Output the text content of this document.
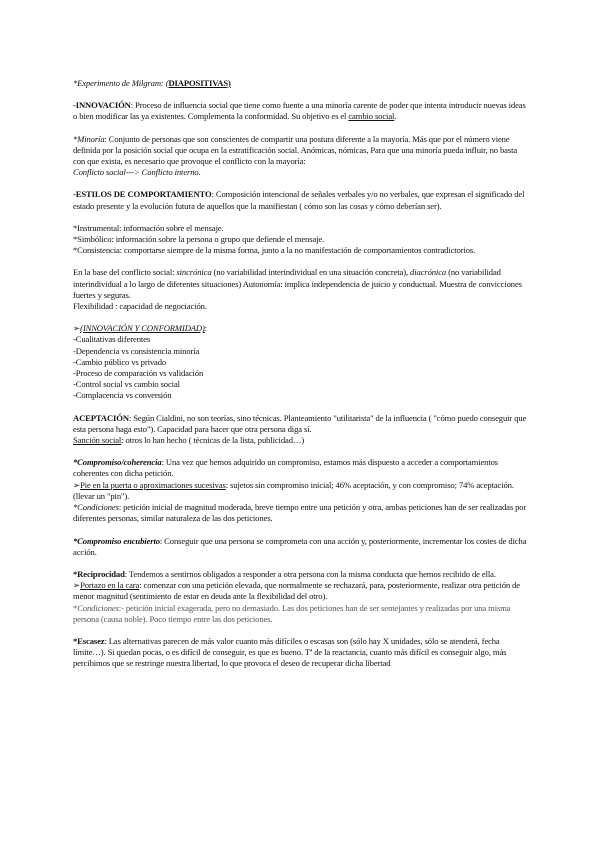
*Experimento de Milgram: (DIAPOSITIVAS)

-INNOVACIÓN: Proceso de influencia social que tiene como fuente a una minoría carente de poder que intenta introducir nuevas ideas o bien modificar las ya existentes. Complementa la conformidad. Su objetivo es el cambio social.

*Minoría: Conjunto de personas que son conscientes de compartir una postura diferente a la mayoría. Más que por el número viene definida por la posición social que ocupa en la estratificación social. Anómicas, nómicas, Para que una minoría pueda influir, no basta con que exista, es necesario que provoque el conflicto con la mayoría:

Conflicto social---> Conflicto interno.

-ESTILOS DE COMPORTAMIENTO: Composición intencional de señales verbales y/o no verbales, que expresan el significado del estado presente y la evolución futura de aquellos que la manifiestan ( cómo son las cosas y cómo deberían ser).

*Instrumental: información sobre el mensaje.

*Simbólico: información sobre la persona o grupo que defiende el mensaje.

*Consistencia: comportarse siempre de la misma forma, junto a la no manifestación de comportamientos contradictorios.

En la base del conflicto social: sincrónica (no variabilidad interindividual en una situación concreta), diacrónica (no variabilidad interindividual a lo largo de diferentes situaciones) Autonomía: implica independencia de juicio y conductual. Muestra de convicciones fuertes y seguras.

Flexibilidad : capacidad de negociación.

➢(INNOVACIÓN Y CONFORMIDAD):

-Cualitativas diferentes

-Dependencia vs consistencia minoría

-Cambio público vs privado

-Proceso de comparación vs validación

-Control social vs cambio social

-Complacencia vs conversión

ACEPTACIÓN: Según Cialdini, no son teorías, sino técnicas. Planteamiento "utilitarista" de la influencia ( "cómo puedo conseguir que esta persona haga esto"). Capacidad para hacer que otra persona diga sí.

Sanción social: otros lo han hecho ( técnicas de la lista, publicidad…)

*Compromiso/coherencia: Una vez que hemos adquirido un compromiso, estamos más dispuesto a acceder a comportamientos coherentes con dicha petición.

➢Pie en la puerta o aproximaciones sucesivas: sujetos sin compromiso inicial; 46% aceptación, y con compromiso; 74% aceptación. (llevar un "pin").

*Condiciones: petición inicial de magnitud moderada, breve tiempo entre una petición y otra, ambas peticiones han de ser realizadas por diferentes personas, similar naturaleza de las dos peticiones.

*Compromiso encubierto: Conseguir que una persona se comprometa con una acción y, posteriormente, incrementar los costes de dicha acción.

*Reciprocidad: Tendemos a sentirnos obligados a responder a otra persona con la misma conducta que hemos recibido de ella.

➢Portazo en la cara: comenzar con una petición elevada, que normalmente se rechazará, para, posteriormente, realizar otra petición de menor magnitud (sentimiento de estar en deuda ante la flexibilidad del otro).

*Condiciones:- petición inicial exagerada, pero no demasiado. Las dos peticiones han de ser semejantes y realizadas por una misma persona (causa noble). Poco tiempo entre las dos peticiones.

*Escasez: Las alternativas parecen de más valor cuanto más difíciles o escasas son (sólo hay X unidades, sólo se atenderá, fecha límite…). Si quedan pocas, o es difícil de conseguir, es que es bueno. Tª de la reactancia, cuanto más difícil es conseguir algo, más percibimos que se restringe nuestra libertad, lo que provoca el deseo de recuperar dicha libertad
